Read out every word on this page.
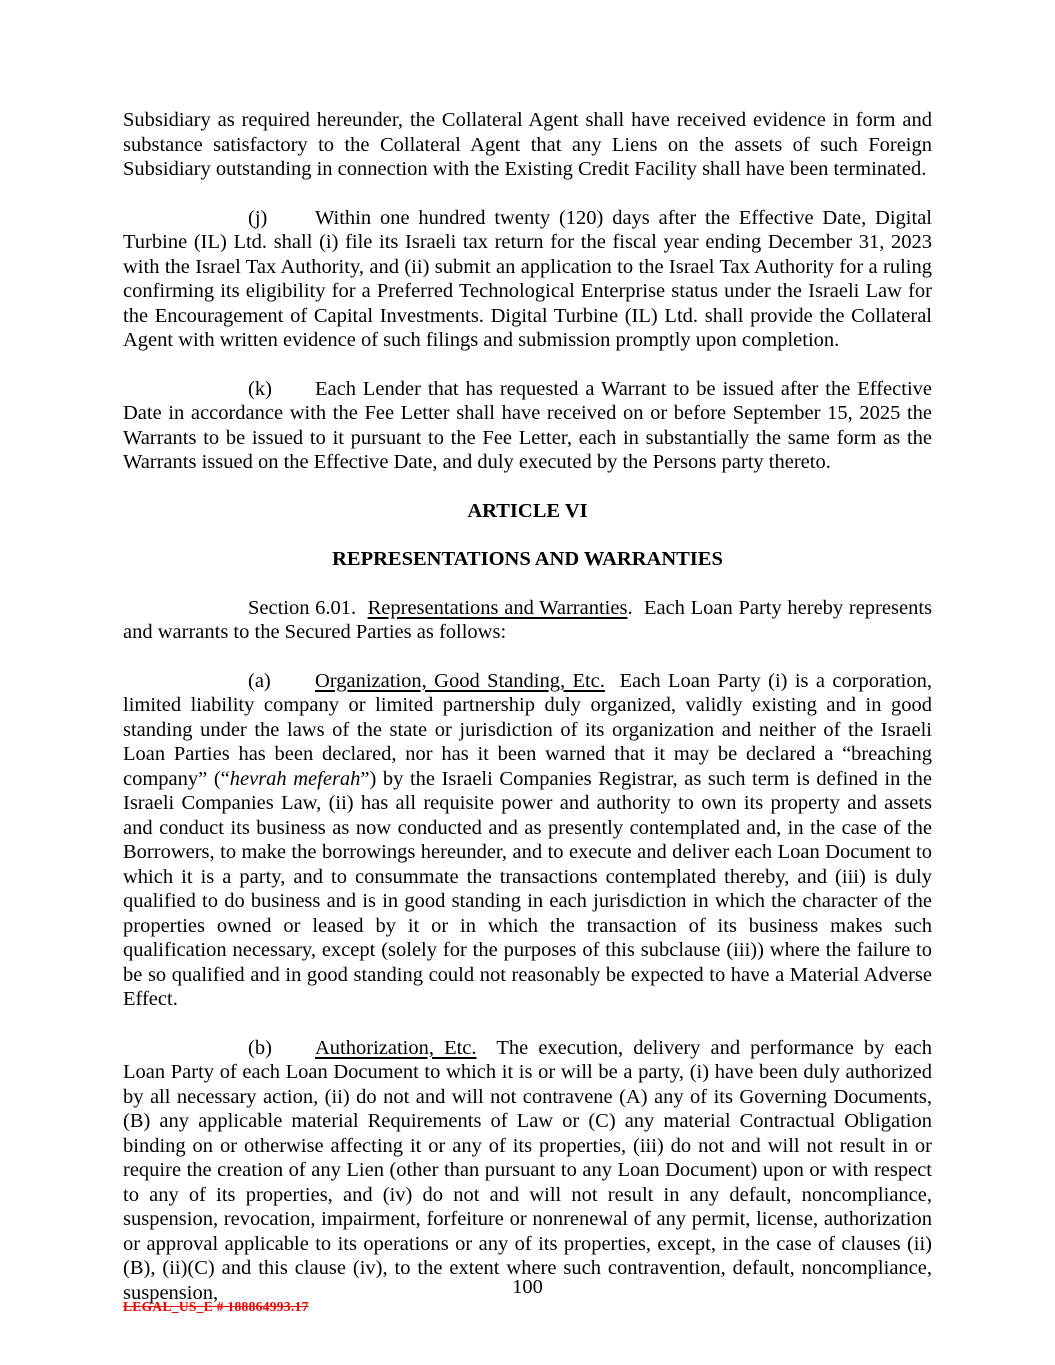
Subsidiary as required hereunder, the Collateral Agent shall have received evidence in form and substance satisfactory to the Collateral Agent that any Liens on the assets of such Foreign Subsidiary outstanding in connection with the Existing Credit Facility shall have been terminated.

(j) Within one hundred twenty (120) days after the Effective Date, Digital Turbine (IL) Ltd. shall (i) file its Israeli tax return for the fiscal year ending December 31, 2023 with the Israel Tax Authority, and (ii) submit an application to the Israel Tax Authority for a ruling confirming its eligibility for a Preferred Technological Enterprise status under the Israeli Law for the Encouragement of Capital Investments. Digital Turbine (IL) Ltd. shall provide the Collateral Agent with written evidence of such filings and submission promptly upon completion.

(k) Each Lender that has requested a Warrant to be issued after the Effective Date in accordance with the Fee Letter shall have received on or before September 15, 2025 the Warrants to be issued to it pursuant to the Fee Letter, each in substantially the same form as the Warrants issued on the Effective Date, and duly executed by the Persons party thereto.

ARTICLE VI
REPRESENTATIONS AND WARRANTIES

Section 6.01.  Representations and Warranties.  Each Loan Party hereby represents and warrants to the Secured Parties as follows:

(a) Organization, Good Standing, Etc.  Each Loan Party (i) is a corporation, limited liability company or limited partnership duly organized, validly existing and in good standing under the laws of the state or jurisdiction of its organization and neither of the Israeli Loan Parties has been declared, nor has it been warned that it may be declared a “breaching company” (“hevrah meferah”) by the Israeli Companies Registrar, as such term is defined in the Israeli Companies Law, (ii) has all requisite power and authority to own its property and assets and conduct its business as now conducted and as presently contemplated and, in the case of the Borrowers, to make the borrowings hereunder, and to execute and deliver each Loan Document to which it is a party, and to consummate the transactions contemplated thereby, and (iii) is duly qualified to do business and is in good standing in each jurisdiction in which the character of the properties owned or leased by it or in which the transaction of its business makes such qualification necessary, except (solely for the purposes of this subclause (iii)) where the failure to be so qualified and in good standing could not reasonably be expected to have a Material Adverse Effect.

(b) Authorization, Etc.  The execution, delivery and performance by each Loan Party of each Loan Document to which it is or will be a party, (i) have been duly authorized by all necessary action, (ii) do not and will not contravene (A) any of its Governing Documents, (B) any applicable material Requirements of Law or (C) any material Contractual Obligation binding on or otherwise affecting it or any of its properties, (iii) do not and will not result in or require the creation of any Lien (other than pursuant to any Loan Document) upon or with respect to any of its properties, and (iv) do not and will not result in any default, noncompliance, suspension, revocation, impairment, forfeiture or nonrenewal of any permit, license, authorization or approval applicable to its operations or any of its properties, except, in the case of clauses (ii)(B), (ii)(C) and this clause (iv), to the extent where such contravention, default, noncompliance, suspension,	100
LEGAL_US_E # 188864993.17
